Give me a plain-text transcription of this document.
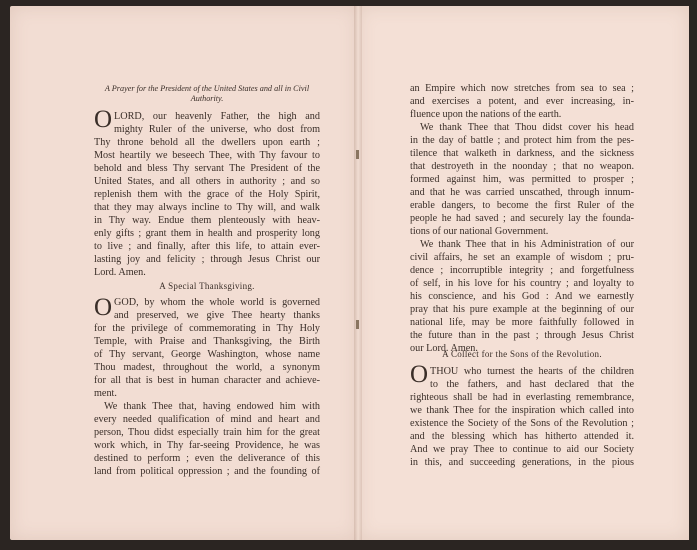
A Prayer for the President of the United States and all in Civil
Authority.
O LORD, our heavenly Father, the high and
mighty Ruler of the universe, who dost from
Thy throne behold all the dwellers upon earth ;
Most heartily we beseech Thee, with Thy favour to
behold and bless Thy servant The President of the
United States, and all others in authority ; and so
replenish them with the grace of the Holy Spirit,
that they may always incline to Thy will, and walk
in Thy way. Endue them plenteously with heav-
enly gifts ; grant them in health and prosperity long
to live ; and finally, after this life, to attain ever-
lasting joy and felicity ; through Jesus Christ our
Lord. Amen.
A Special Thanksgiving.
O GOD, by whom the whole world is governed
and preserved, we give Thee hearty thanks
for the privilege of commemorating in Thy Holy
Temple, with Praise and Thanksgiving, the Birth
of Thy servant, George Washington, whose name
Thou madest, throughout the world, a synonym
for all that is best in human character and achieve-
ment.
We thank Thee that, having endowed him with
every needed qualification of mind and heart and
person, Thou didst especially train him for the great
work which, in Thy far-seeing Providence, he was
destined to perform ; even the deliverance of this
land from political oppression ; and the founding of
an Empire which now stretches from sea to sea ;
and exercises a potent, and ever increasing, in-
fluence upon the nations of the earth.
We thank Thee that Thou didst cover his head
in the day of battle ; and protect him from the pes-
tilence that walketh in darkness, and the sickness
that destroyeth in the noonday ; that no weapon.
formed against him, was permitted to prosper ;
and that he was carried unscathed, through innum-
erable dangers, to become the first Ruler of the
people he had saved ; and securely lay the founda-
tions of our national Government.
We thank Thee that in his Administration of our
civil affairs, he set an example of wisdom ; pru-
dence ; incorruptible integrity ; and forgetfulness
of self, in his love for his country ; and loyalty to
his conscience, and his God : And we earnestly
pray that his pure example at the beginning of our
national life, may be more faithfully followed in
the future than in the past ; through Jesus Christ
our Lord. Amen.
A Collect for the Sons of the Revolution.
O THOU who turnest the hearts of the children
to the fathers, and hast declared that the
righteous shall be had in everlasting remembrance,
we thank Thee for the inspiration which called into
existence the Society of the Sons of the Revolution ;
and the blessing which has hitherto attended it.
And we pray Thee to continue to aid our Society
in this, and succeeding generations, in the pious
